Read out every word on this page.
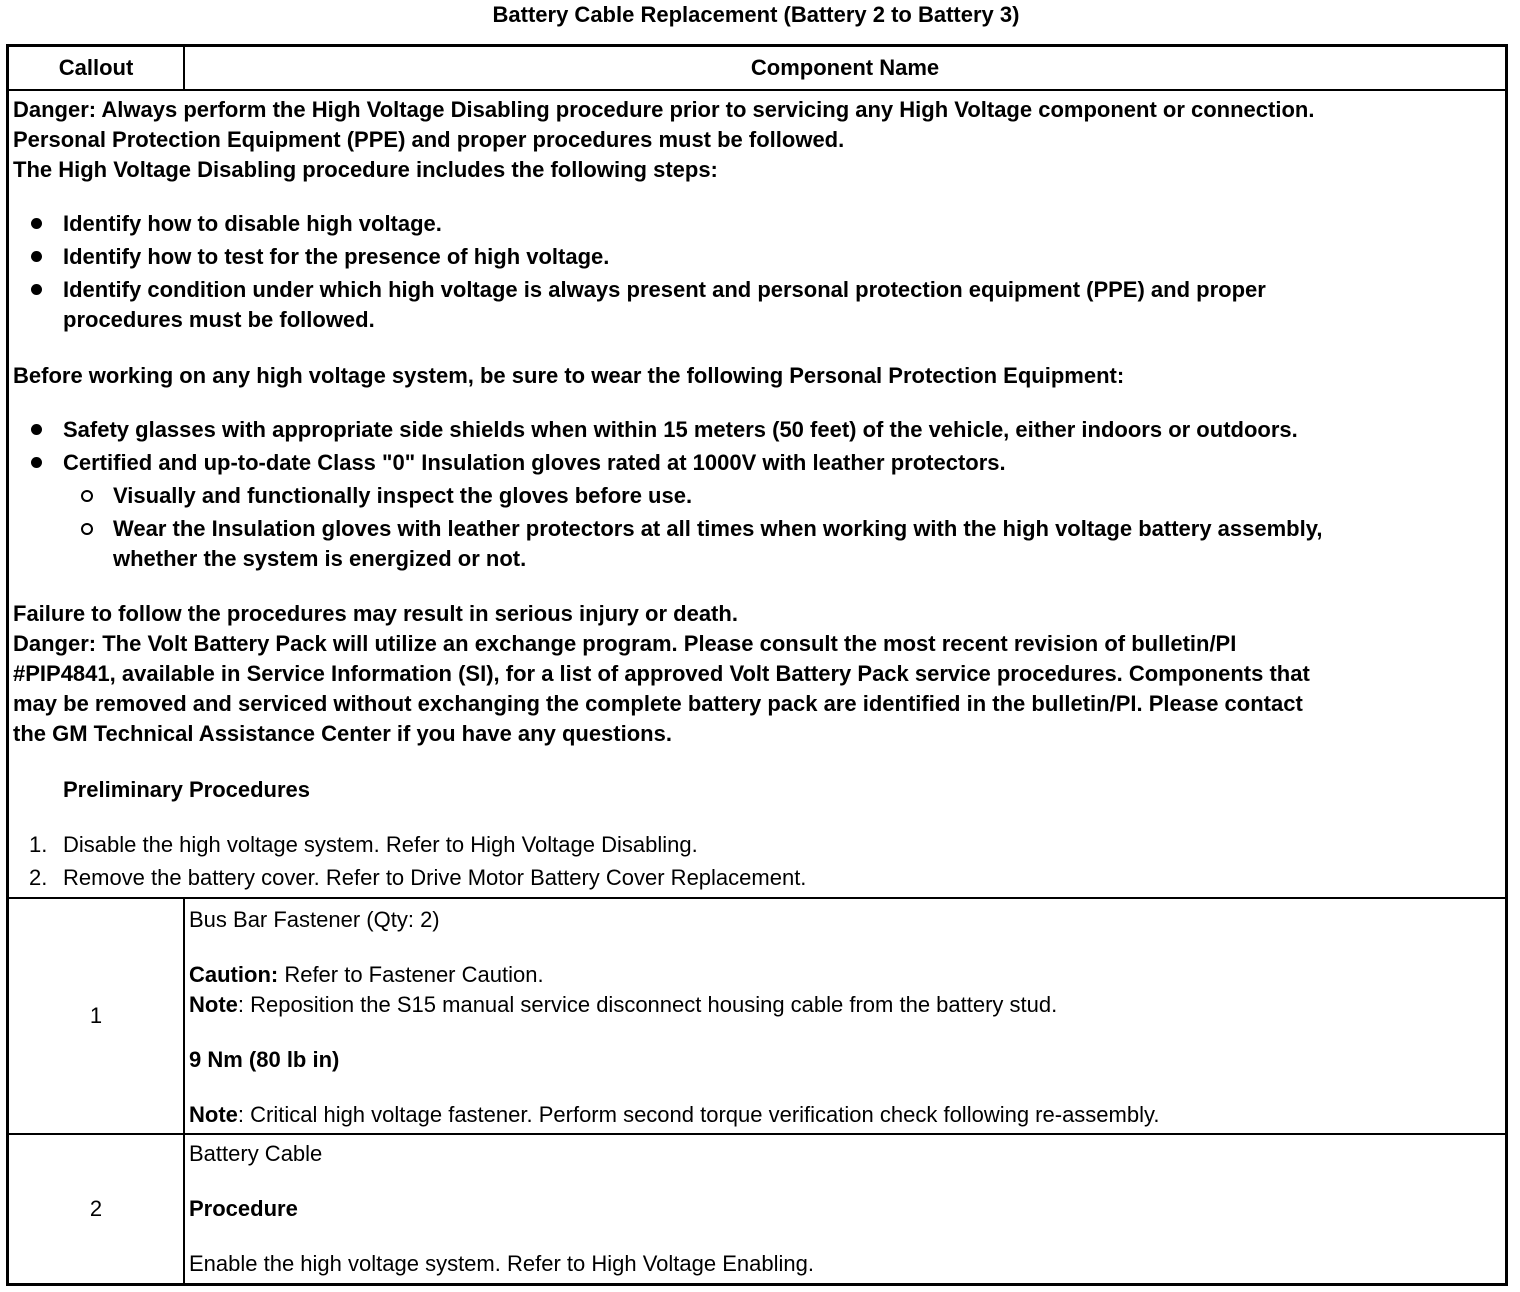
Battery Cable Replacement (Battery 2 to Battery 3)
Callout	Component Name
Danger: Always perform the High Voltage Disabling procedure prior to servicing any High Voltage component or connection.
Personal Protection Equipment (PPE) and proper procedures must be followed.
The High Voltage Disabling procedure includes the following steps:
Identify how to disable high voltage.
Identify how to test for the presence of high voltage.
Identify condition under which high voltage is always present and personal protection equipment (PPE) and proper
procedures must be followed.
Before working on any high voltage system, be sure to wear the following Personal Protection Equipment:
Safety glasses with appropriate side shields when within 15 meters (50 feet) of the vehicle, either indoors or outdoors.
Certified and up-to-date Class "0" Insulation gloves rated at 1000V with leather protectors.
Visually and functionally inspect the gloves before use.
Wear the Insulation gloves with leather protectors at all times when working with the high voltage battery assembly,
whether the system is energized or not.
Failure to follow the procedures may result in serious injury or death.
Danger: The Volt Battery Pack will utilize an exchange program. Please consult the most recent revision of bulletin/PI
#PIP4841, available in Service Information (SI), for a list of approved Volt Battery Pack service procedures. Components that
may be removed and serviced without exchanging the complete battery pack are identified in the bulletin/PI. Please contact
the GM Technical Assistance Center if you have any questions.
Preliminary Procedures
1. Disable the high voltage system. Refer to High Voltage Disabling.
2. Remove the battery cover. Refer to Drive Motor Battery Cover Replacement.
1
Bus Bar Fastener (Qty: 2)
Caution: Refer to Fastener Caution.
Note: Reposition the S15 manual service disconnect housing cable from the battery stud.
9 Nm (80 lb in)
Note: Critical high voltage fastener. Perform second torque verification check following re-assembly.
2
Battery Cable
Procedure
Enable the high voltage system. Refer to High Voltage Enabling.
